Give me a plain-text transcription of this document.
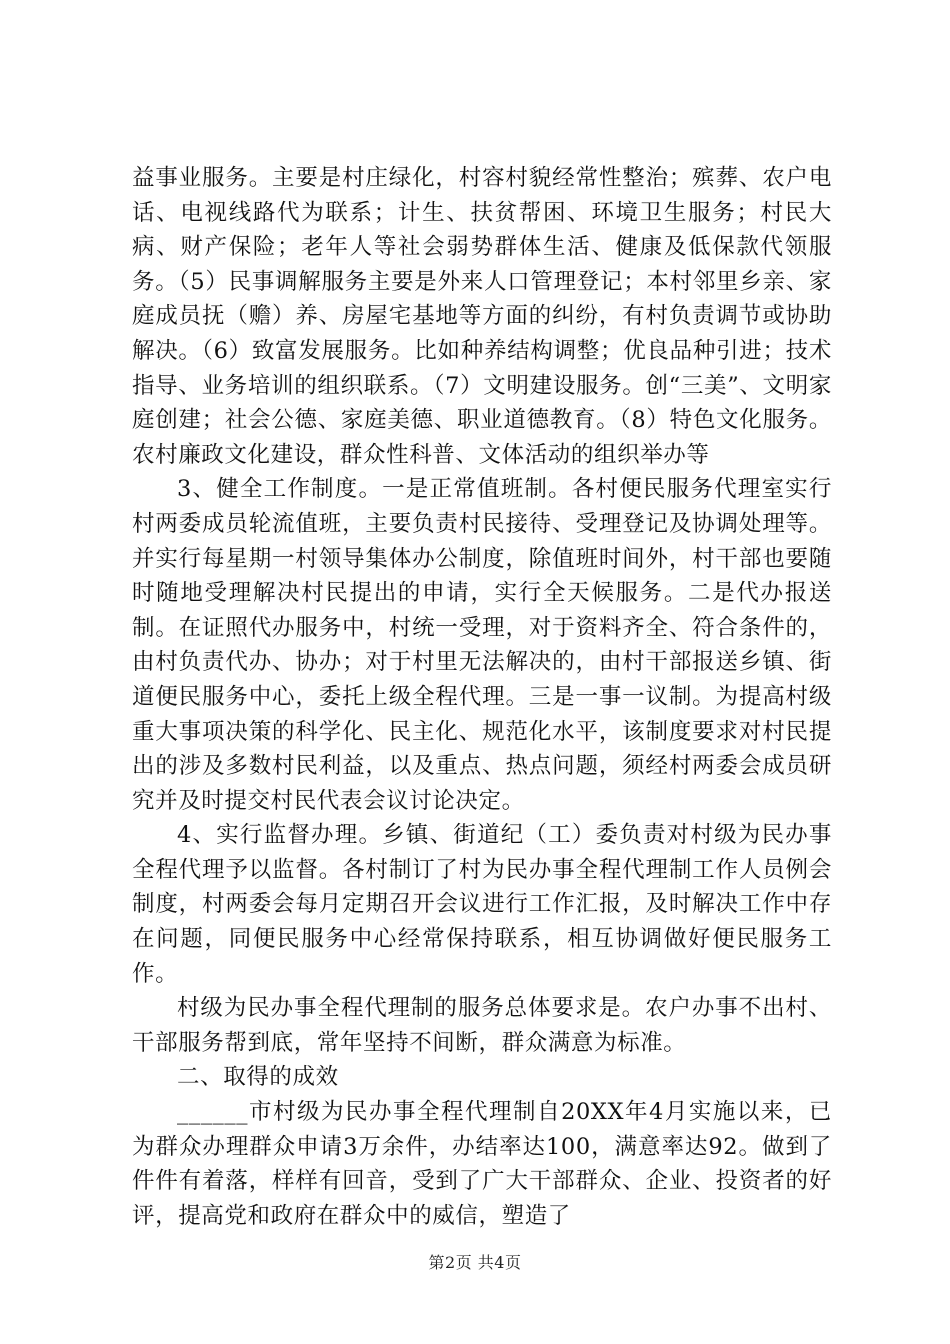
益事业服务。主要是村庄绿化，村容村貌经常性整治；殡葬、农户电话、电视线路代为联系；计生、扶贫帮困、环境卫生服务；村民大病、财产保险；老年人等社会弱势群体生活、健康及低保款代领服务。（5）民事调解服务主要是外来人口管理登记；本村邻里乡亲、家庭成员抚（赡）养、房屋宅基地等方面的纠纷，有村负责调节或协助解决。（6）致富发展服务。比如种养结构调整；优良品种引进；技术指导、业务培训的组织联系。（7）文明建设服务。创“三美”、文明家庭创建；社会公德、家庭美德、职业道德教育。（8）特色文化服务。农村廉政文化建设，群众性科普、文体活动的组织举办等

3、健全工作制度。一是正常值班制。各村便民服务代理室实行村两委成员轮流值班，主要负责村民接待、受理登记及协调处理等。并实行每星期一村领导集体办公制度，除值班时间外，村干部也要随时随地受理解决村民提出的申请，实行全天候服务。二是代办报送制。在证照代办服务中，村统一受理，对于资料齐全、符合条件的，由村负责代办、协办；对于村里无法解决的，由村干部报送乡镇、街道便民服务中心，委托上级全程代理。三是一事一议制。为提高村级重大事项决策的科学化、民主化、规范化水平，该制度要求对村民提出的涉及多数村民利益，以及重点、热点问题，须经村两委会成员研究并及时提交村民代表会议讨论决定。

4、实行监督办理。乡镇、街道纪（工）委负责对村级为民办事全程代理予以监督。各村制订了村为民办事全程代理制工作人员例会制度，村两委会每月定期召开会议进行工作汇报，及时解决工作中存在问题，同便民服务中心经常保持联系，相互协调做好便民服务工作。

村级为民办事全程代理制的服务总体要求是。农户办事不出村、干部服务帮到底，常年坚持不间断，群众满意为标准。

二、取得的成效

______市村级为民办事全程代理制自20XX年4月实施以来，已为群众办理群众申请3万余件，办结率达100，满意率达92。做到了件件有着落，样样有回音，受到了广大干部群众、企业、投资者的好评，提高党和政府在群众中的威信，塑造了

第2页 共4页
